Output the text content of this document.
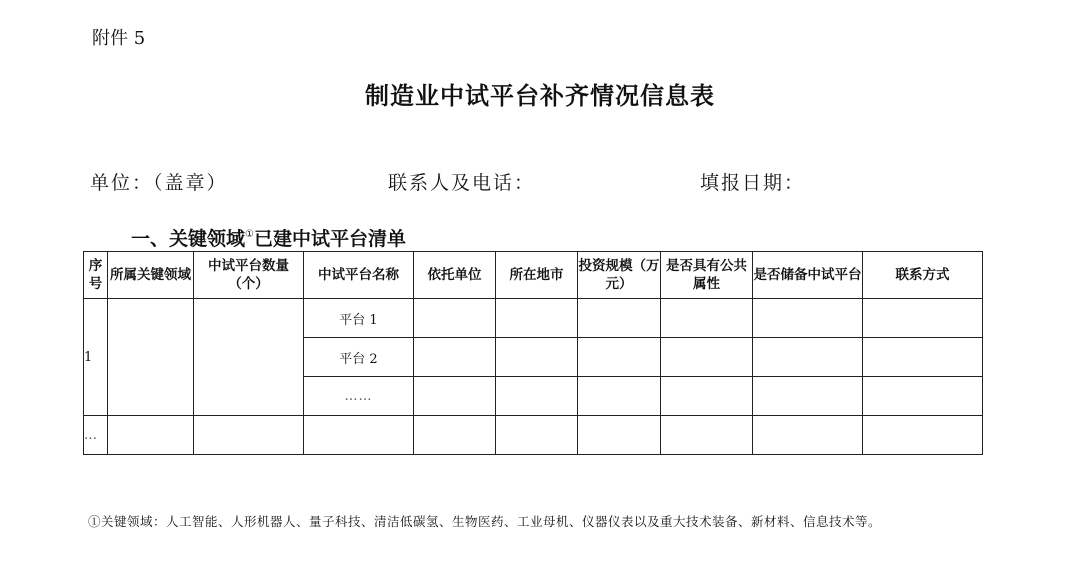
附件 5
制造业中试平台补齐情况信息表
单位：（盖章）	联系人及电话：	填报日期：
一、关键领域①已建中试平台清单
序号	所属关键领域	中试平台数量（个）	中试平台名称	依托单位	所在地市	投资规模（万元）	是否具有公共属性	是否储备中试平台	联系方式
1			平台 1						
			平台 2						
			……						
…									
①关键领域：人工智能、人形机器人、量子科技、清洁低碳氢、生物医药、工业母机、仪器仪表以及重大技术装备、新材料、信息技术等。
